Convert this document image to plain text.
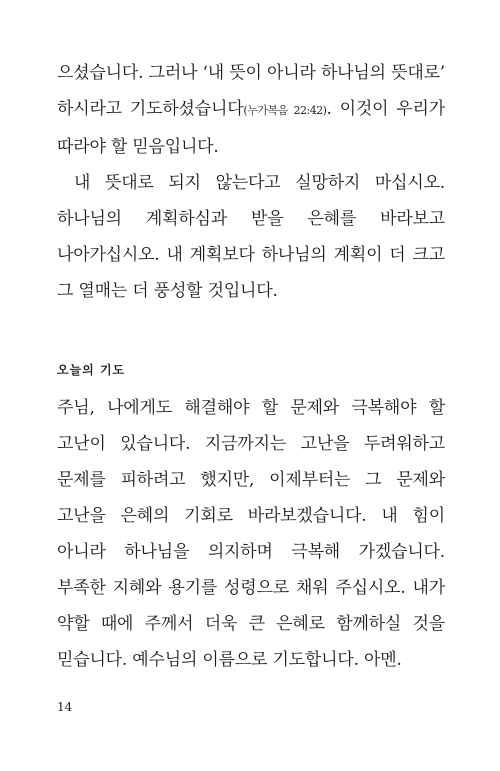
으셨습니다. 그러나 ‘내 뜻이 아니라 하나님의 뜻대로’ 하시라고 기도하셨습니다(누가복음 22:42). 이것이 우리가 따라야 할 믿음입니다.

내 뜻대로 되지 않는다고 실망하지 마십시오. 하나님의 계획하심과 받을 은혜를 바라보고 나아가십시오. 내 계획보다 하나님의 계획이 더 크고 그 열매는 더 풍성할 것입니다.

오늘의 기도

주님, 나에게도 해결해야 할 문제와 극복해야 할 고난이 있습니다. 지금까지는 고난을 두려워하고 문제를 피하려고 했지만, 이제부터는 그 문제와 고난을 은혜의 기회로 바라보겠습니다. 내 힘이 아니라 하나님을 의지하며 극복해 가겠습니다. 부족한 지혜와 용기를 성령으로 채워 주십시오. 내가 약할 때에 주께서 더욱 큰 은혜로 함께하실 것을 믿습니다. 예수님의 이름으로 기도합니다. 아멘.

14
